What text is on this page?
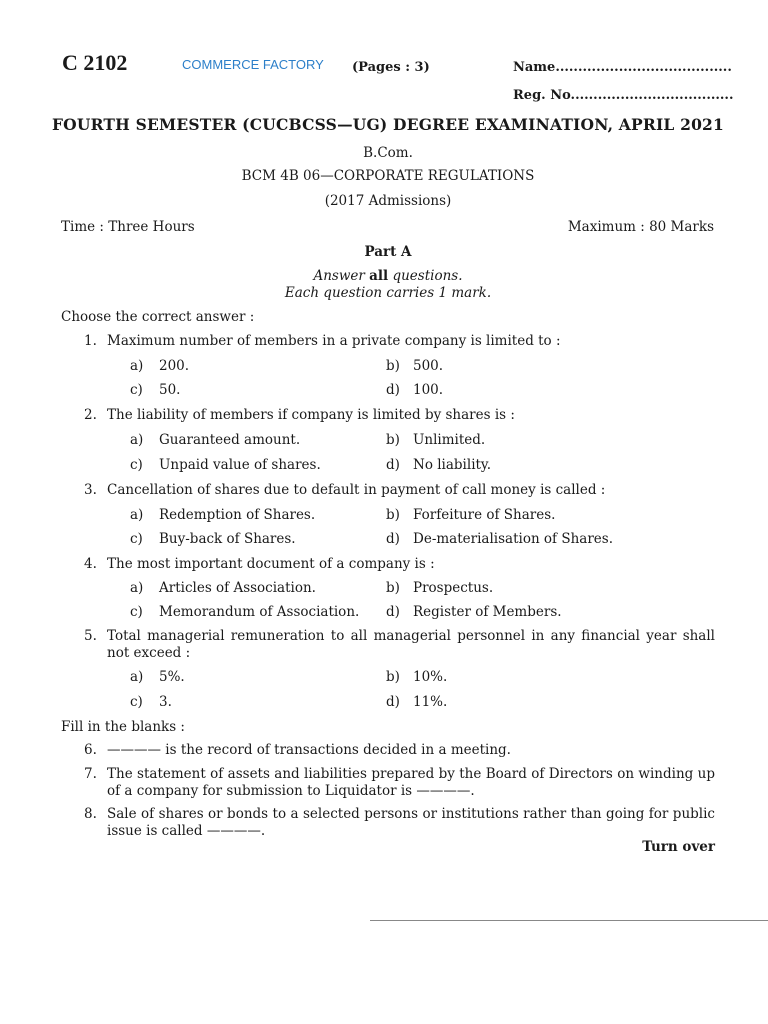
C 2102	COMMERCE FACTORY (Pages : 3)	Name.......................................
Reg. No....................................
FOURTH SEMESTER (CUCBCSS—UG) DEGREE EXAMINATION, APRIL 2021
B.Com.
BCM 4B 06—CORPORATE REGULATIONS
(2017 Admissions)
Time : Three Hours	Maximum : 80 Marks
Part A
Answer all questions.
Each question carries 1 mark.
Choose the correct answer :
1. Maximum number of members in a private company is limited to :
a) 200.	b) 500.
c) 50.	d) 100.
2. The liability of members if company is limited by shares is :
a) Guaranteed amount.	b) Unlimited.
c) Unpaid value of shares.	d) No liability.
3. Cancellation of shares due to default in payment of call money is called :
a) Redemption of Shares.	b) Forfeiture of Shares.
c) Buy-back of Shares.	d) De-materialisation of Shares.
4. The most important document of a company is :
a) Articles of Association.	b) Prospectus.
c) Memorandum of Association. d) Register of Members.
5. Total managerial remuneration to all managerial personnel in any financial year shall not exceed :
a) 5%.	b) 10%.
c) 3.	d) 11%.
Fill in the blanks :
6. ———— is the record of transactions decided in a meeting.
7. The statement of assets and liabilities prepared by the Board of Directors on winding up of a company for submission to Liquidator is ————.
8. Sale of shares or bonds to a selected persons or institutions rather than going for public issue is called ————.
Turn over
